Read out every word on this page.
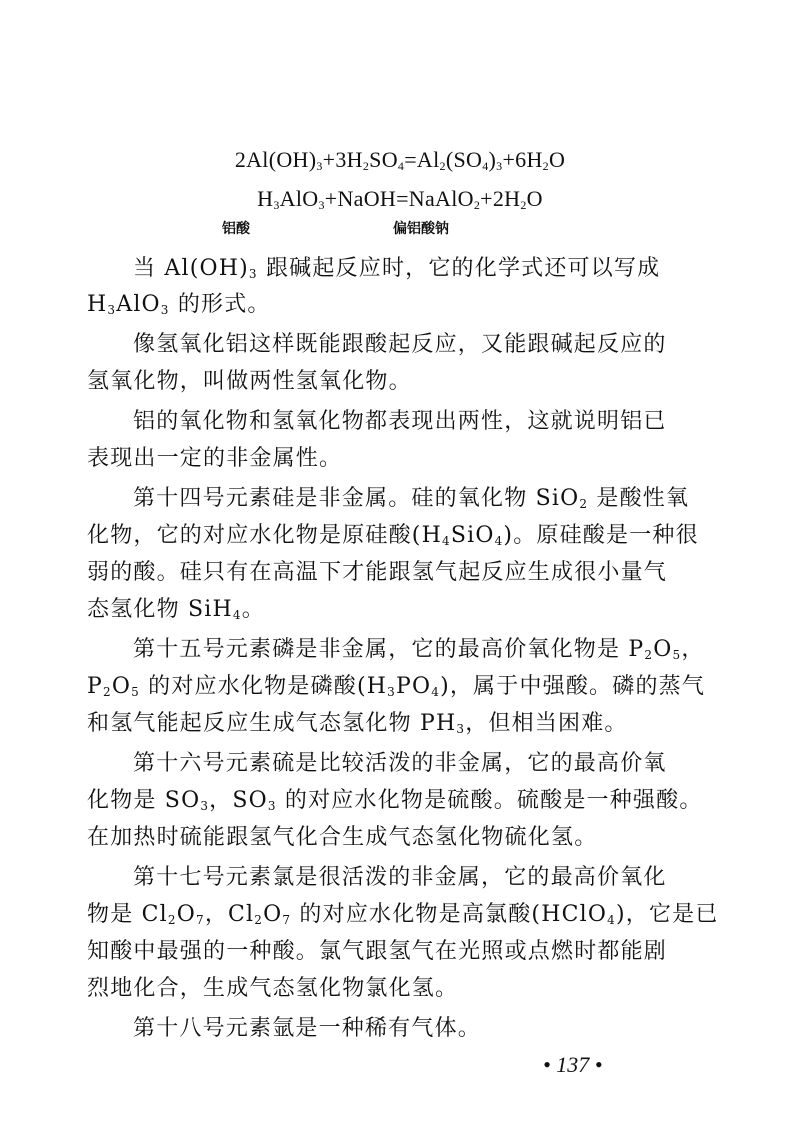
$2Al(OH)_3+3H_2SO_4=Al_2(SO_4)_3+6H_2O$
$H_3AlO_3+NaOH=NaAlO_2+2H_2O$
铝酸	偏铝酸钠
当 $Al(OH)_3$ 跟碱起反应时，它的化学式还可以写成
$H_3AlO_3$ 的形式。
像氢氧化铝这样既能跟酸起反应，又能跟碱起反应的
氢氧化物，叫做两性氢氧化物。
铝的氧化物和氢氧化物都表现出两性，这就说明铝已
表现出一定的非金属性。
第十四号元素硅是非金属。硅的氧化物 SiO$_2$ 是酸性氧
化物，它的对应水化物是原硅酸$(H_4SiO_4)$。原硅酸是一种很
弱的酸。硅只有在高温下才能跟氢气起反应生成很小量气
态氢化物 SiH$_4$。
第十五号元素磷是非金属，它的最高价氧化物是 $P_2O_5$，
$P_2O_5$ 的对应水化物是磷酸$(H_3PO_4)$，属于中强酸。磷的蒸气
和氢气能起反应生成气态氢化物 $PH_3$，但相当困难。
第十六号元素硫是比较活泼的非金属，它的最高价氧
化物是 $SO_3$，$SO_3$ 的对应水化物是硫酸。硫酸是一种强酸。
在加热时硫能跟氢气化合生成气态氢化物硫化氢。
第十七号元素氯是很活泼的非金属，它的最高价氧化
物是 $Cl_2O_7$，$Cl_2O_7$ 的对应水化物是高氯酸(HClO$_4$)，它是已
知酸中最强的一种酸。氯气跟氢气在光照或点燃时都能剧
烈地化合，生成气态氢化物氯化氢。
第十八号元素氩是一种稀有气体。
• 137 •
